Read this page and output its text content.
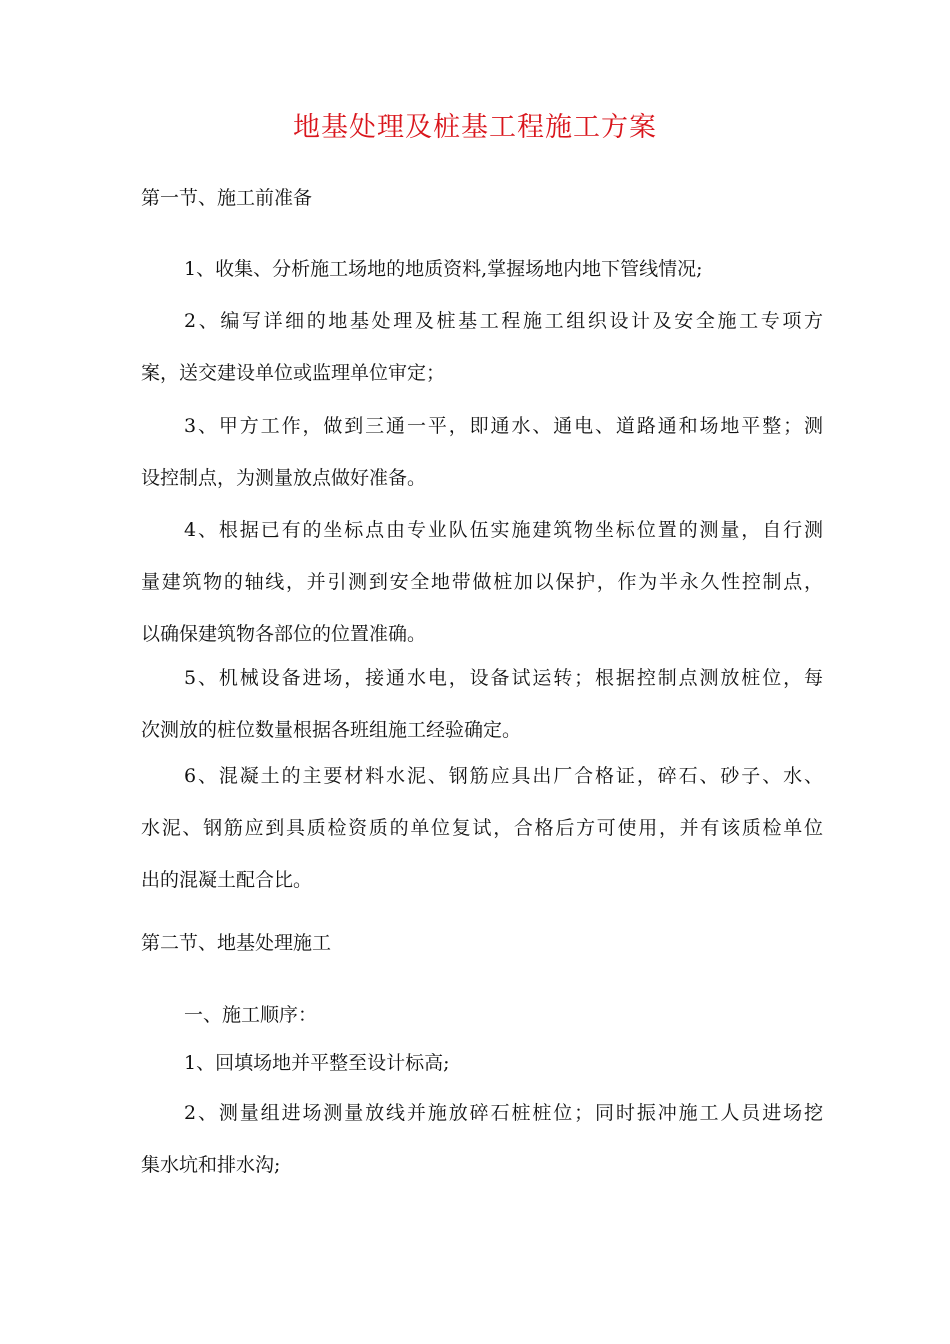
地基处理及桩基工程施工方案
第一节、施工前准备
1、收集、分析施工场地的地质资料,掌握场地内地下管线情况;
2、编写详细的地基处理及桩基工程施工组织设计及安全施工专项方
案，送交建设单位或监理单位审定；
3、甲方工作，做到三通一平，即通水、通电、道路通和场地平整；测
设控制点，为测量放点做好准备。
4、根据已有的坐标点由专业队伍实施建筑物坐标位置的测量，自行测
量建筑物的轴线，并引测到安全地带做桩加以保护，作为半永久性控制点，
以确保建筑物各部位的位置准确。
5、机械设备进场，接通水电，设备试运转；根据控制点测放桩位，每
次测放的桩位数量根据各班组施工经验确定。
6、混凝土的主要材料水泥、钢筋应具出厂合格证，碎石、砂子、水、
水泥、钢筋应到具质检资质的单位复试，合格后方可使用，并有该质检单位
出的混凝土配合比。
第二节、地基处理施工
一、施工顺序：
1、回填场地并平整至设计标高;
2、测量组进场测量放线并施放碎石桩桩位；同时振冲施工人员进场挖
集水坑和排水沟;
